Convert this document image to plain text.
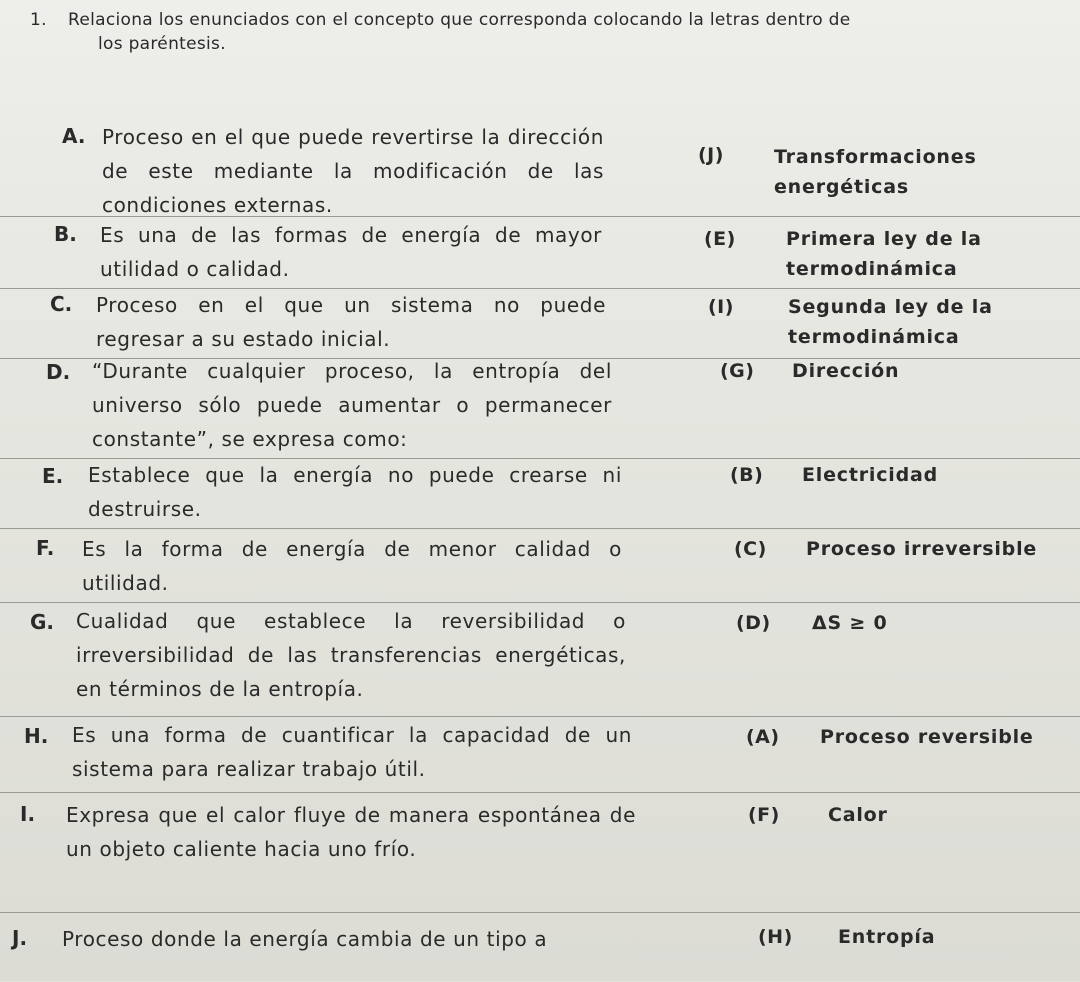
1. Relaciona los enunciados con el concepto que corresponda colocando la letras dentro de
los paréntesis.
A. Proceso en el que puede revertirse la dirección de este mediante la modificación de las condiciones externas.
(J)	Transformaciones energéticas
B. Es una de las formas de energía de mayor utilidad o calidad.
(E)	Primera ley de la termodinámica
C. Proceso en el que un sistema no puede regresar a su estado inicial.
(I)	Segunda ley de la termodinámica
D. “Durante cualquier proceso, la entropía del universo sólo puede aumentar o permanecer constante”, se expresa como:
(G) Dirección
E. Establece que la energía no puede crearse ni destruirse.
(B) Electricidad
F. Es la forma de energía de menor calidad o utilidad.
(C) Proceso irreversible
G. Cualidad que establece la reversibilidad o irreversibilidad de las transferencias energéticas, en términos de la entropía.
(D) ΔS ≥ 0
H. Es una forma de cuantificar la capacidad de un sistema para realizar trabajo útil.
(A) Proceso reversible
I. Expresa que el calor fluye de manera espontánea de un objeto caliente hacia uno frío.
(F)	Calor
J. Proceso donde la energía cambia de un tipo a	(H) Entropía
